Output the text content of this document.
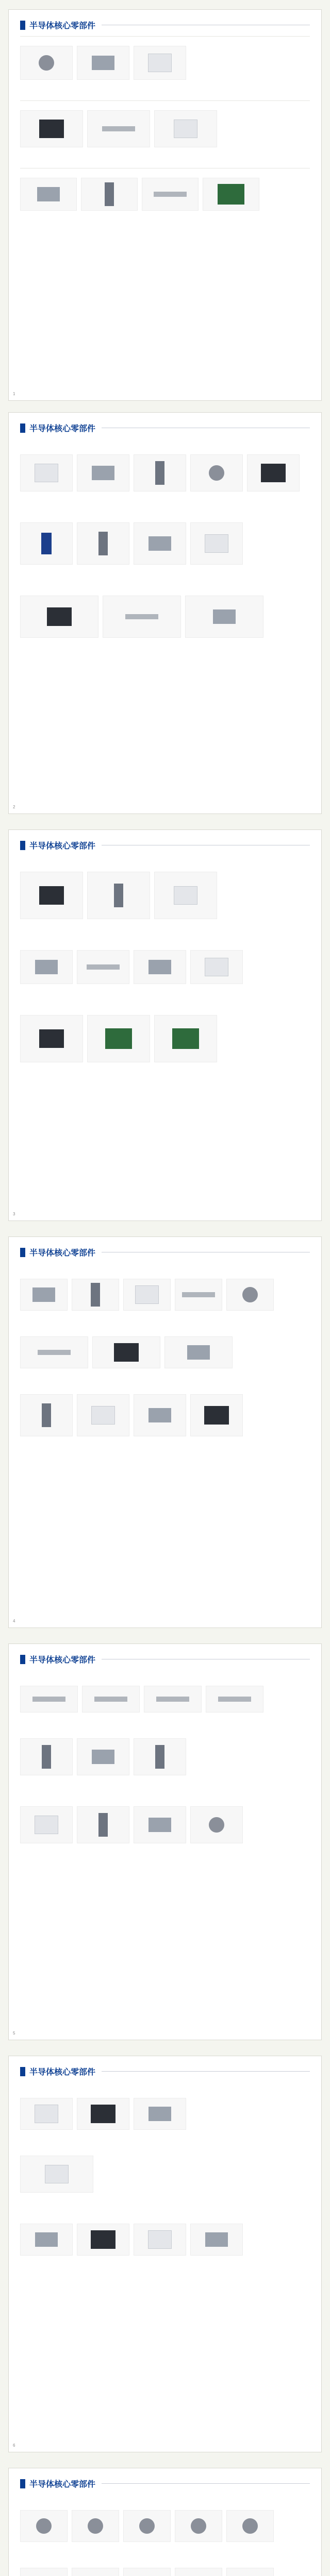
半导体核心零部件
1
半导体核心零部件
2
半导体核心零部件
3
半导体核心零部件
4
半导体核心零部件
5
半导体核心零部件
6
半导体核心零部件
